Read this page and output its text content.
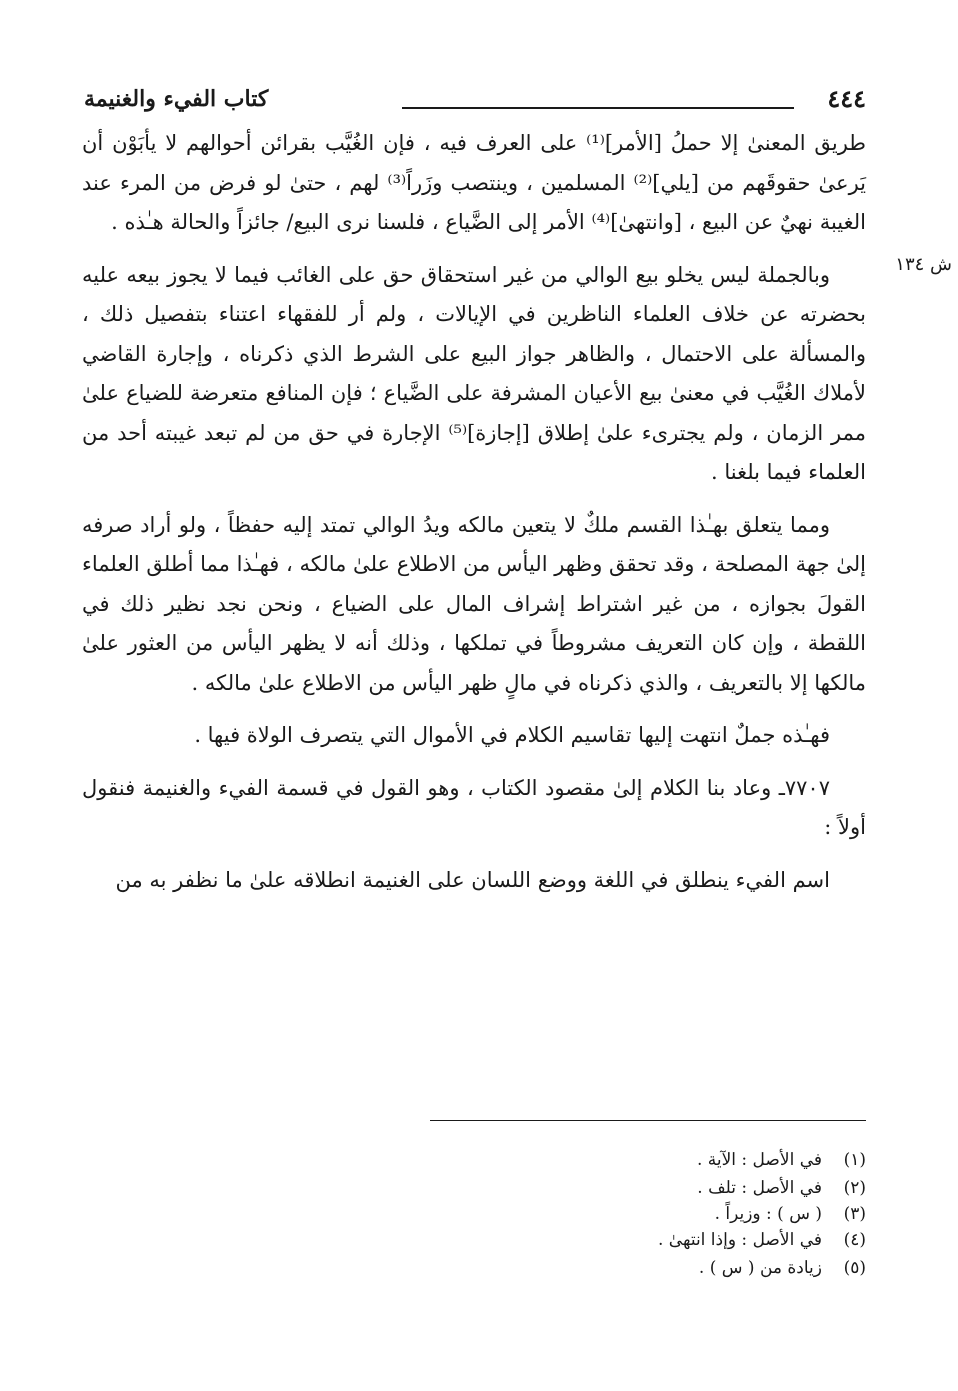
٤٤٤
كتاب الفيء والغنيمة
ش ١٣٤

طريق المعنىٰ إلا حملُ [الأمر]⁽¹⁾ على العرف فيه ، فإن الغُيَّب بقرائن أحوالهم لا يأبَوْن أن يَرعىٰ حقوقَهم من [يلي]⁽²⁾ المسلمين ، وينتصب وزَراً⁽³⁾ لهم ، حتىٰ لو فرض من المرء عند الغيبة نهيٌ عن البيع ، [وانتهىٰ]⁽⁴⁾ الأمر إلى الضَّياع ، فلسنا نرى البيع/ جائزاً والحالة هـٰذه .

وبالجملة ليس يخلو بيع الوالي من غير استحقاق حق على الغائب فيما لا يجوز بيعه عليه بحضرته عن خلاف العلماء الناظرين في الإيالات ، ولم أر للفقهاء اعتناء بتفصيل ذلك ، والمسألة على الاحتمال ، والظاهر جواز البيع على الشرط الذي ذكرناه ، وإجارة القاضي لأملاك الغُيَّب في معنىٰ بيع الأعيان المشرفة على الضَّياع ؛ فإن المنافع متعرضة للضياع علىٰ ممر الزمان ، ولم يجترىء علىٰ إطلاق [إجازة]⁽⁵⁾ الإجارة في حق من لم تبعد غيبته أحد من العلماء فيما بلغنا .

ومما يتعلق بهـٰذا القسم ملكٌ لا يتعين مالكه ويدُ الوالي تمتد إليه حفظاً ، ولو أراد صرفه إلىٰ جهة المصلحة ، وقد تحقق وظهر اليأس من الاطلاع علىٰ مالكه ، فهـٰذا مما أطلق العلماء القولَ بجوازه ، من غير اشتراط إشراف المال على الضياع ، ونحن نجد نظير ذلك في اللقطة ، وإن كان التعريف مشروطاً في تملكها ، وذلك أنه لا يظهر اليأس من العثور علىٰ مالكها إلا بالتعريف ، والذي ذكرناه في مالٍ ظهر اليأس من الاطلاع علىٰ مالكه .

فهـٰذه جملٌ انتهت إليها تقاسيم الكلام في الأموال التي يتصرف الولاة فيها .

٧٧٠٧ـ وعاد بنا الكلام إلىٰ مقصود الكتاب ، وهو القول في قسمة الفيء والغنيمة فنقول أولاً :

اسم الفيء ينطلق في اللغة ووضع اللسان على الغنيمة انطلاقه علىٰ ما نظفر به من

(١)
في الأصل : الآية .
(٢)
في الأصل : تلف .
(٣)
( س ) : وزيراً .
(٤)
في الأصل : وإذا انتهىٰ .
(٥)
زيادة من ( س ) .
